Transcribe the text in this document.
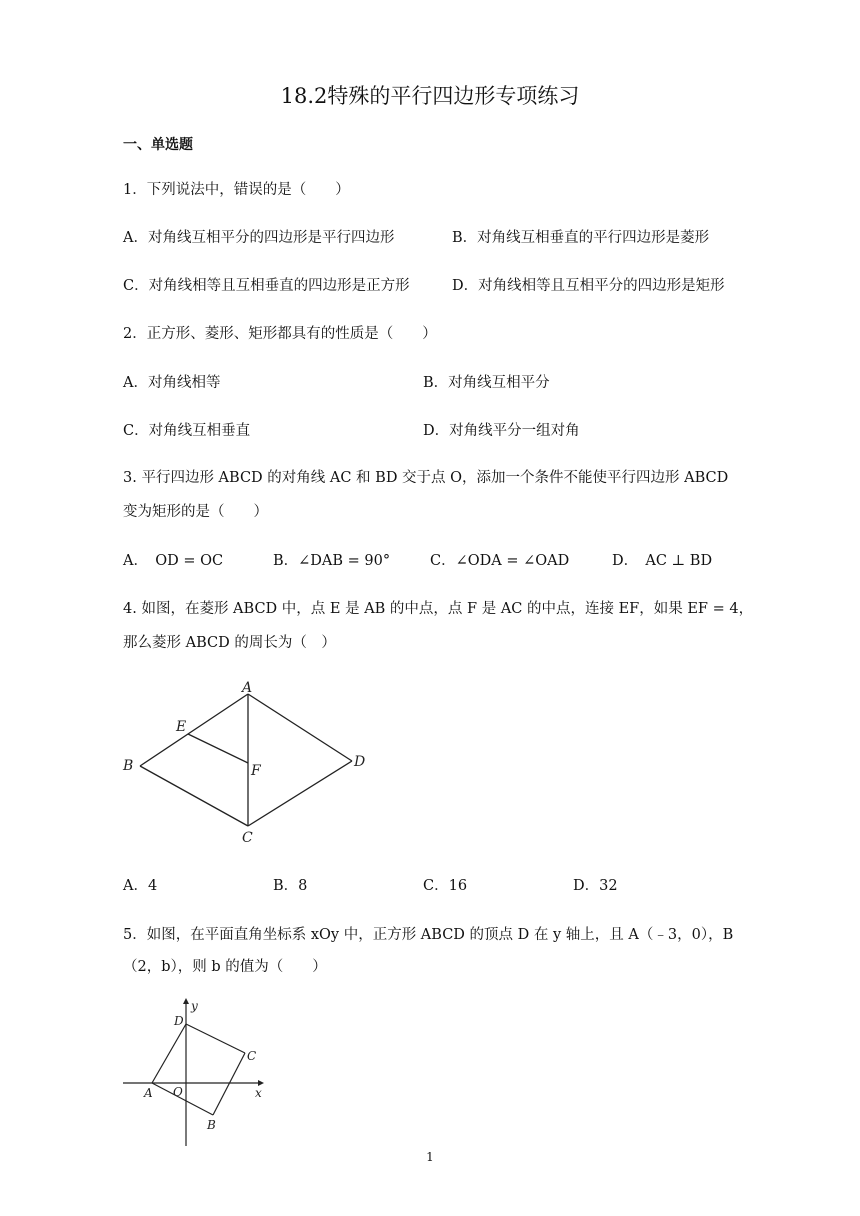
18.2特殊的平行四边形专项练习
一、单选题
1．下列说法中，错误的是（　　）
A．对角线互相平分的四边形是平行四边形	B．对角线互相垂直的平行四边形是菱形
C．对角线相等且互相垂直的四边形是正方形	D．对角线相等且互相平分的四边形是矩形
2．正方形、菱形、矩形都具有的性质是（　　）
A．对角线相等	B．对角线互相平分
C．对角线互相垂直	D．对角线平分一组对角
3. 平行四边形 ABCD 的对角线 AC 和 BD 交于点 O，添加一个条件不能使平行四边形 ABCD
变为矩形的是（　　）
A．　OD = OC	B．∠DAB = 90°	C．∠ODA = ∠OAD	D．　AC ⊥ BD
4. 如图，在菱形 ABCD 中，点 E 是 AB 的中点，点 F 是 AC 的中点，连接 EF，如果 EF = 4，
那么菱形 ABCD 的周长为（　）
A
B
C
D
E
F
A．4	B．8	C．16	D．32
5．如图，在平面直角坐标系 xOy 中，正方形 ABCD 的顶点 D 在 y 轴上，且 A（﹣3，0），B
（2，b），则 b 的值为（　　）
A
B
C
D
O	x
y
1
